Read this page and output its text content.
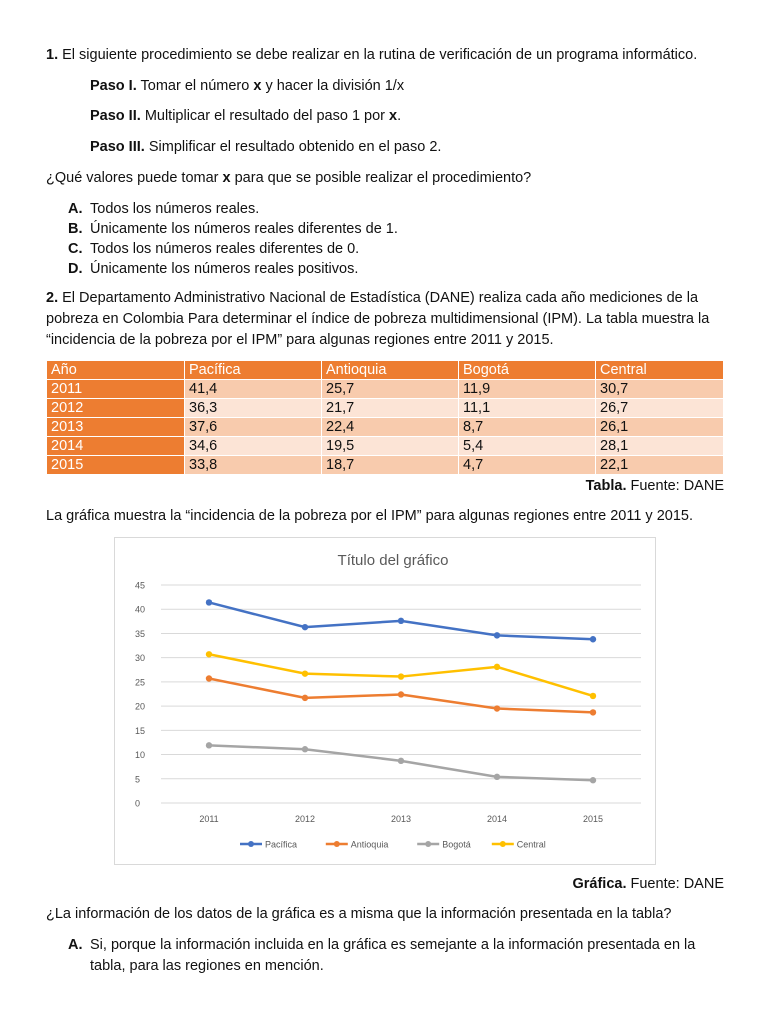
1. El siguiente procedimiento se debe realizar en la rutina de verificación de un programa informático.

Paso I. Tomar el número x y hacer la división 1/x

Paso II. Multiplicar el resultado del paso 1 por x.

Paso III. Simplificar el resultado obtenido en el paso 2.

¿Qué valores puede tomar x para que se posible realizar el procedimiento?

A. Todos los números reales.
B. Únicamente los números reales diferentes de 1.
C. Todos los números reales diferentes de 0.
D. Únicamente los números reales positivos.

2. El Departamento Administrativo Nacional de Estadística (DANE) realiza cada año mediciones de la pobreza en Colombia Para determinar el índice de pobreza multidimensional (IPM). La tabla muestra la “incidencia de la pobreza por el IPM” para algunas regiones entre 2011 y 2015.

Año	Pacífica	Antioquia	Bogotá	Central
2011	41,4	25,7	11,9	30,7
2012	36,3	21,7	11,1	26,7
2013	37,6	22,4	8,7	26,1
2014	34,6	19,5	5,4	28,1
2015	33,8	18,7	4,7	22,1

Tabla. Fuente: DANE

La gráfica muestra la “incidencia de la pobreza por el IPM” para algunas regiones entre 2011 y 2015.

Título del gráfico
0
5
10
15
20
25
30
35
40
45
2011	2012	2013	2014	2015
Pacífica	Antioquia	Bogotá	Central

Gráfica. Fuente: DANE

¿La información de los datos de la gráfica es a misma que la información presentada en la tabla?

A. Si, porque la información incluida en la gráfica es semejante a la información presentada en la tabla, para las regiones en mención.
